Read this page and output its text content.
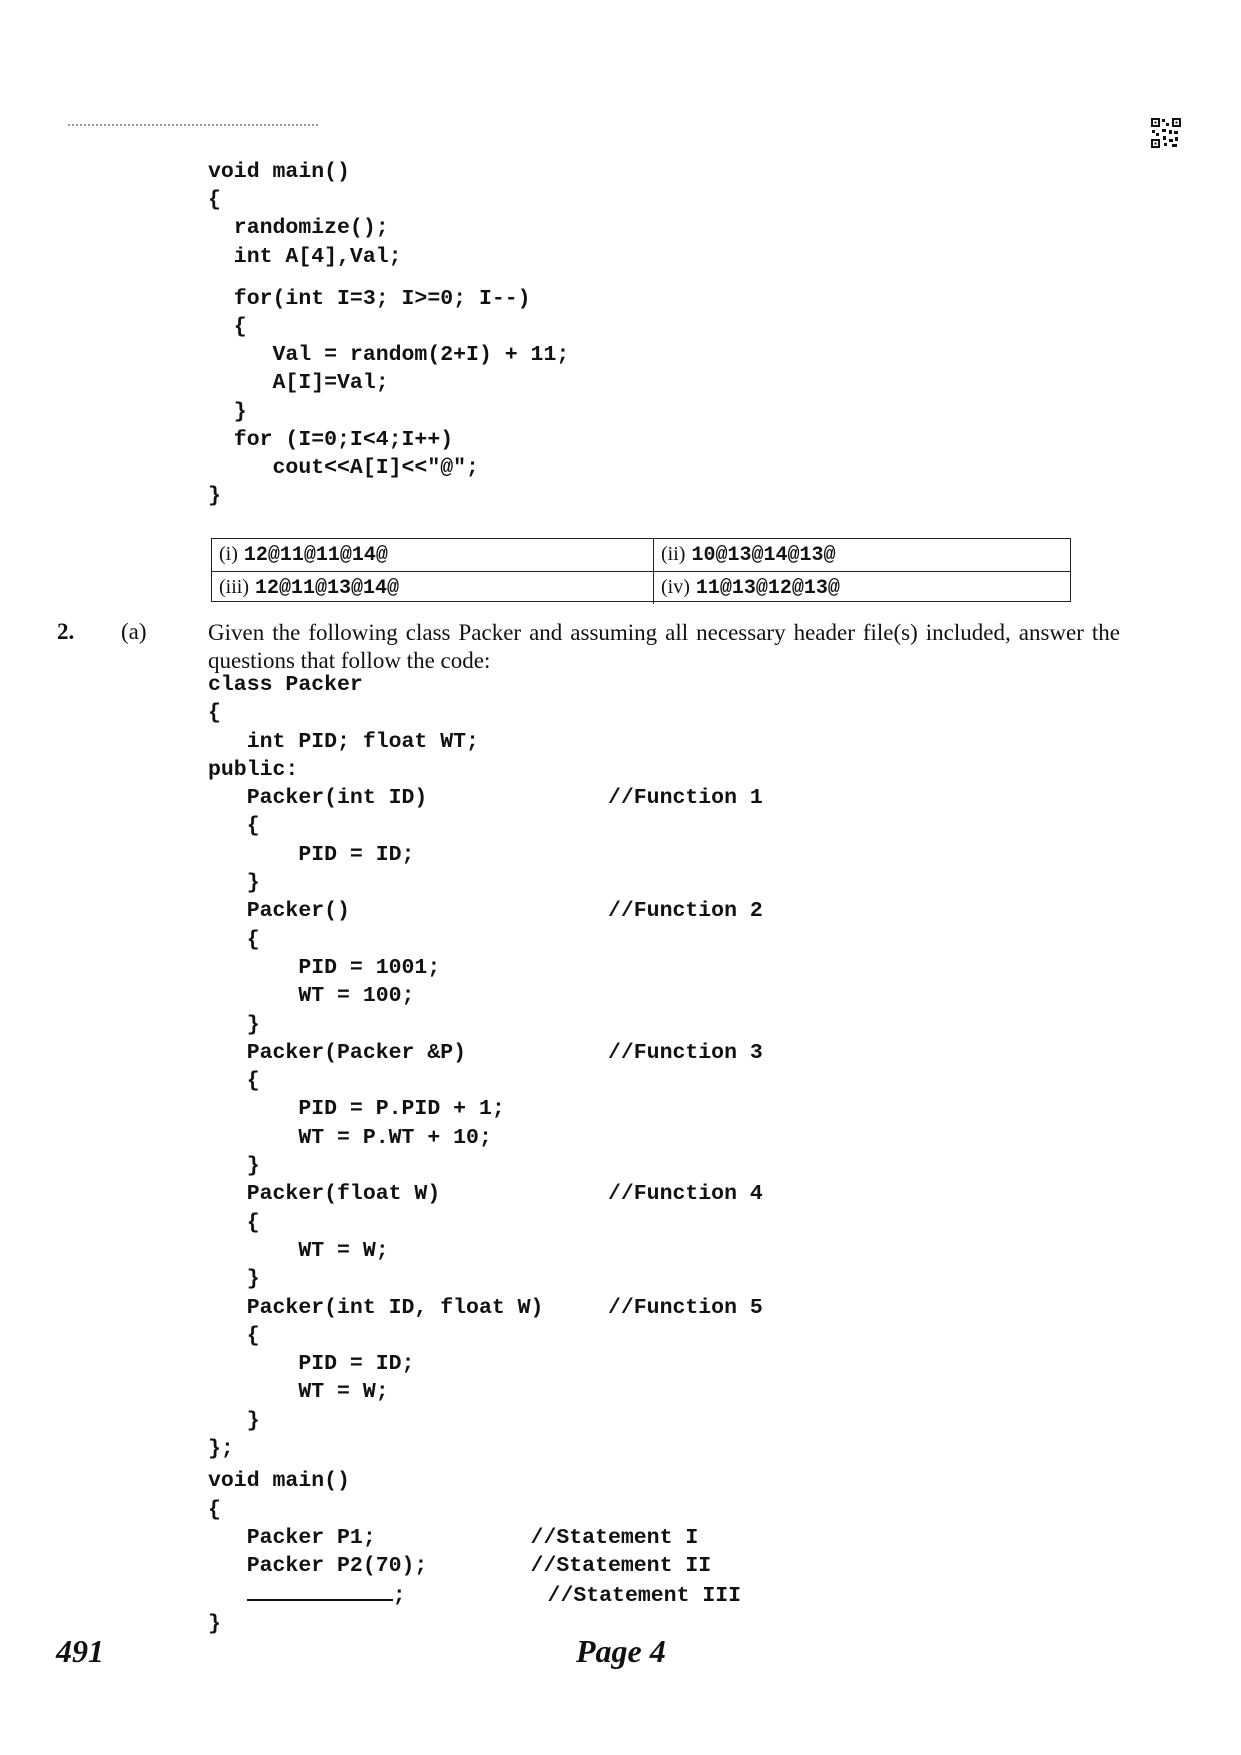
void main()
{
randomize();
int A[4],Val;
for(int I=3; I>=0; I--)
{
Val = random(2+I) + 11;
A[I]=Val;
}
for (I=0;I<4;I++)
cout<<A[I]<<"@";
}
(i) 12@11@11@14@	(ii) 10@13@14@13@
(iii) 12@11@13@14@	(iv) 11@13@12@13@
2. (a)	Given the following class Packer and assuming all necessary header file(s) included, answer the questions that follow the code:
class Packer
{
int PID; float WT;
public:
Packer(int ID)              //Function 1
{
PID = ID;
}
Packer()                    //Function 2
{
PID = 1001;
WT = 100;
}
Packer(Packer &P)           //Function 3
{
PID = P.PID + 1;
WT = P.WT + 10;
}
Packer(float W)             //Function 4
{
WT = W;
}
Packer(int ID, float W)     //Function 5
{
PID = ID;
WT = W;
}
};
void main()
{
Packer P1;            //Statement I
Packer P2(70);        //Statement II
;           //Statement III
}
491	Page 4
